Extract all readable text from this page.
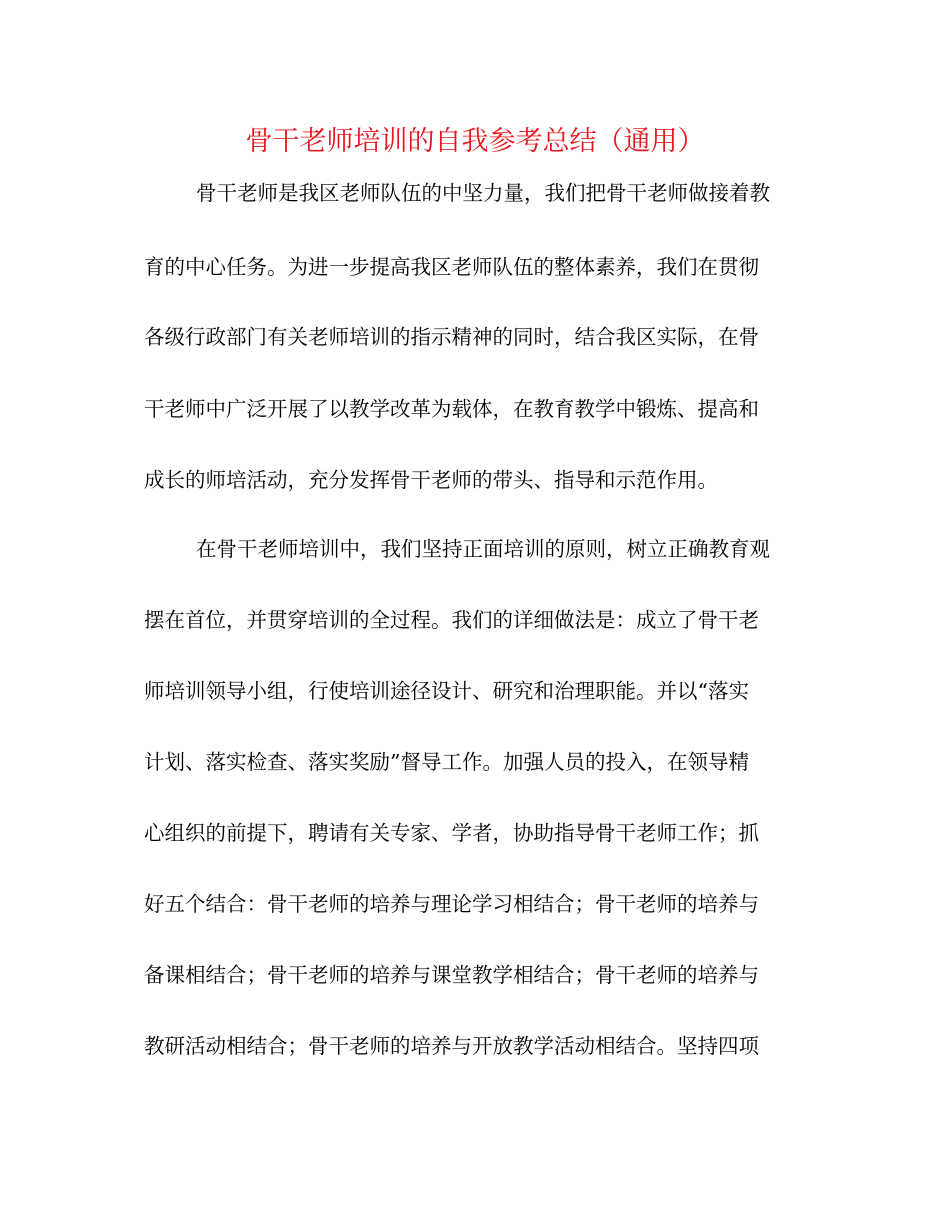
骨干老师培训的自我参考总结（通用）

骨干老师是我区老师队伍的中坚力量，我们把骨干老师做接着教

育的中心任务。为进一步提高我区老师队伍的整体素养，我们在贯彻

各级行政部门有关老师培训的指示精神的同时，结合我区实际，在骨

干老师中广泛开展了以教学改革为载体，在教育教学中锻炼、提高和

成长的师培活动，充分发挥骨干老师的带头、指导和示范作用。

在骨干老师培训中，我们坚持正面培训的原则，树立正确教育观

摆在首位，并贯穿培训的全过程。我们的详细做法是：成立了骨干老

师培训领导小组，行使培训途径设计、研究和治理职能。并以“落实

计划、落实检查、落实奖励”督导工作。加强人员的投入，在领导精

心组织的前提下，聘请有关专家、学者，协助指导骨干老师工作；抓

好五个结合：骨干老师的培养与理论学习相结合；骨干老师的培养与

备课相结合；骨干老师的培养与课堂教学相结合；骨干老师的培养与

教研活动相结合；骨干老师的培养与开放教学活动相结合。坚持四项
